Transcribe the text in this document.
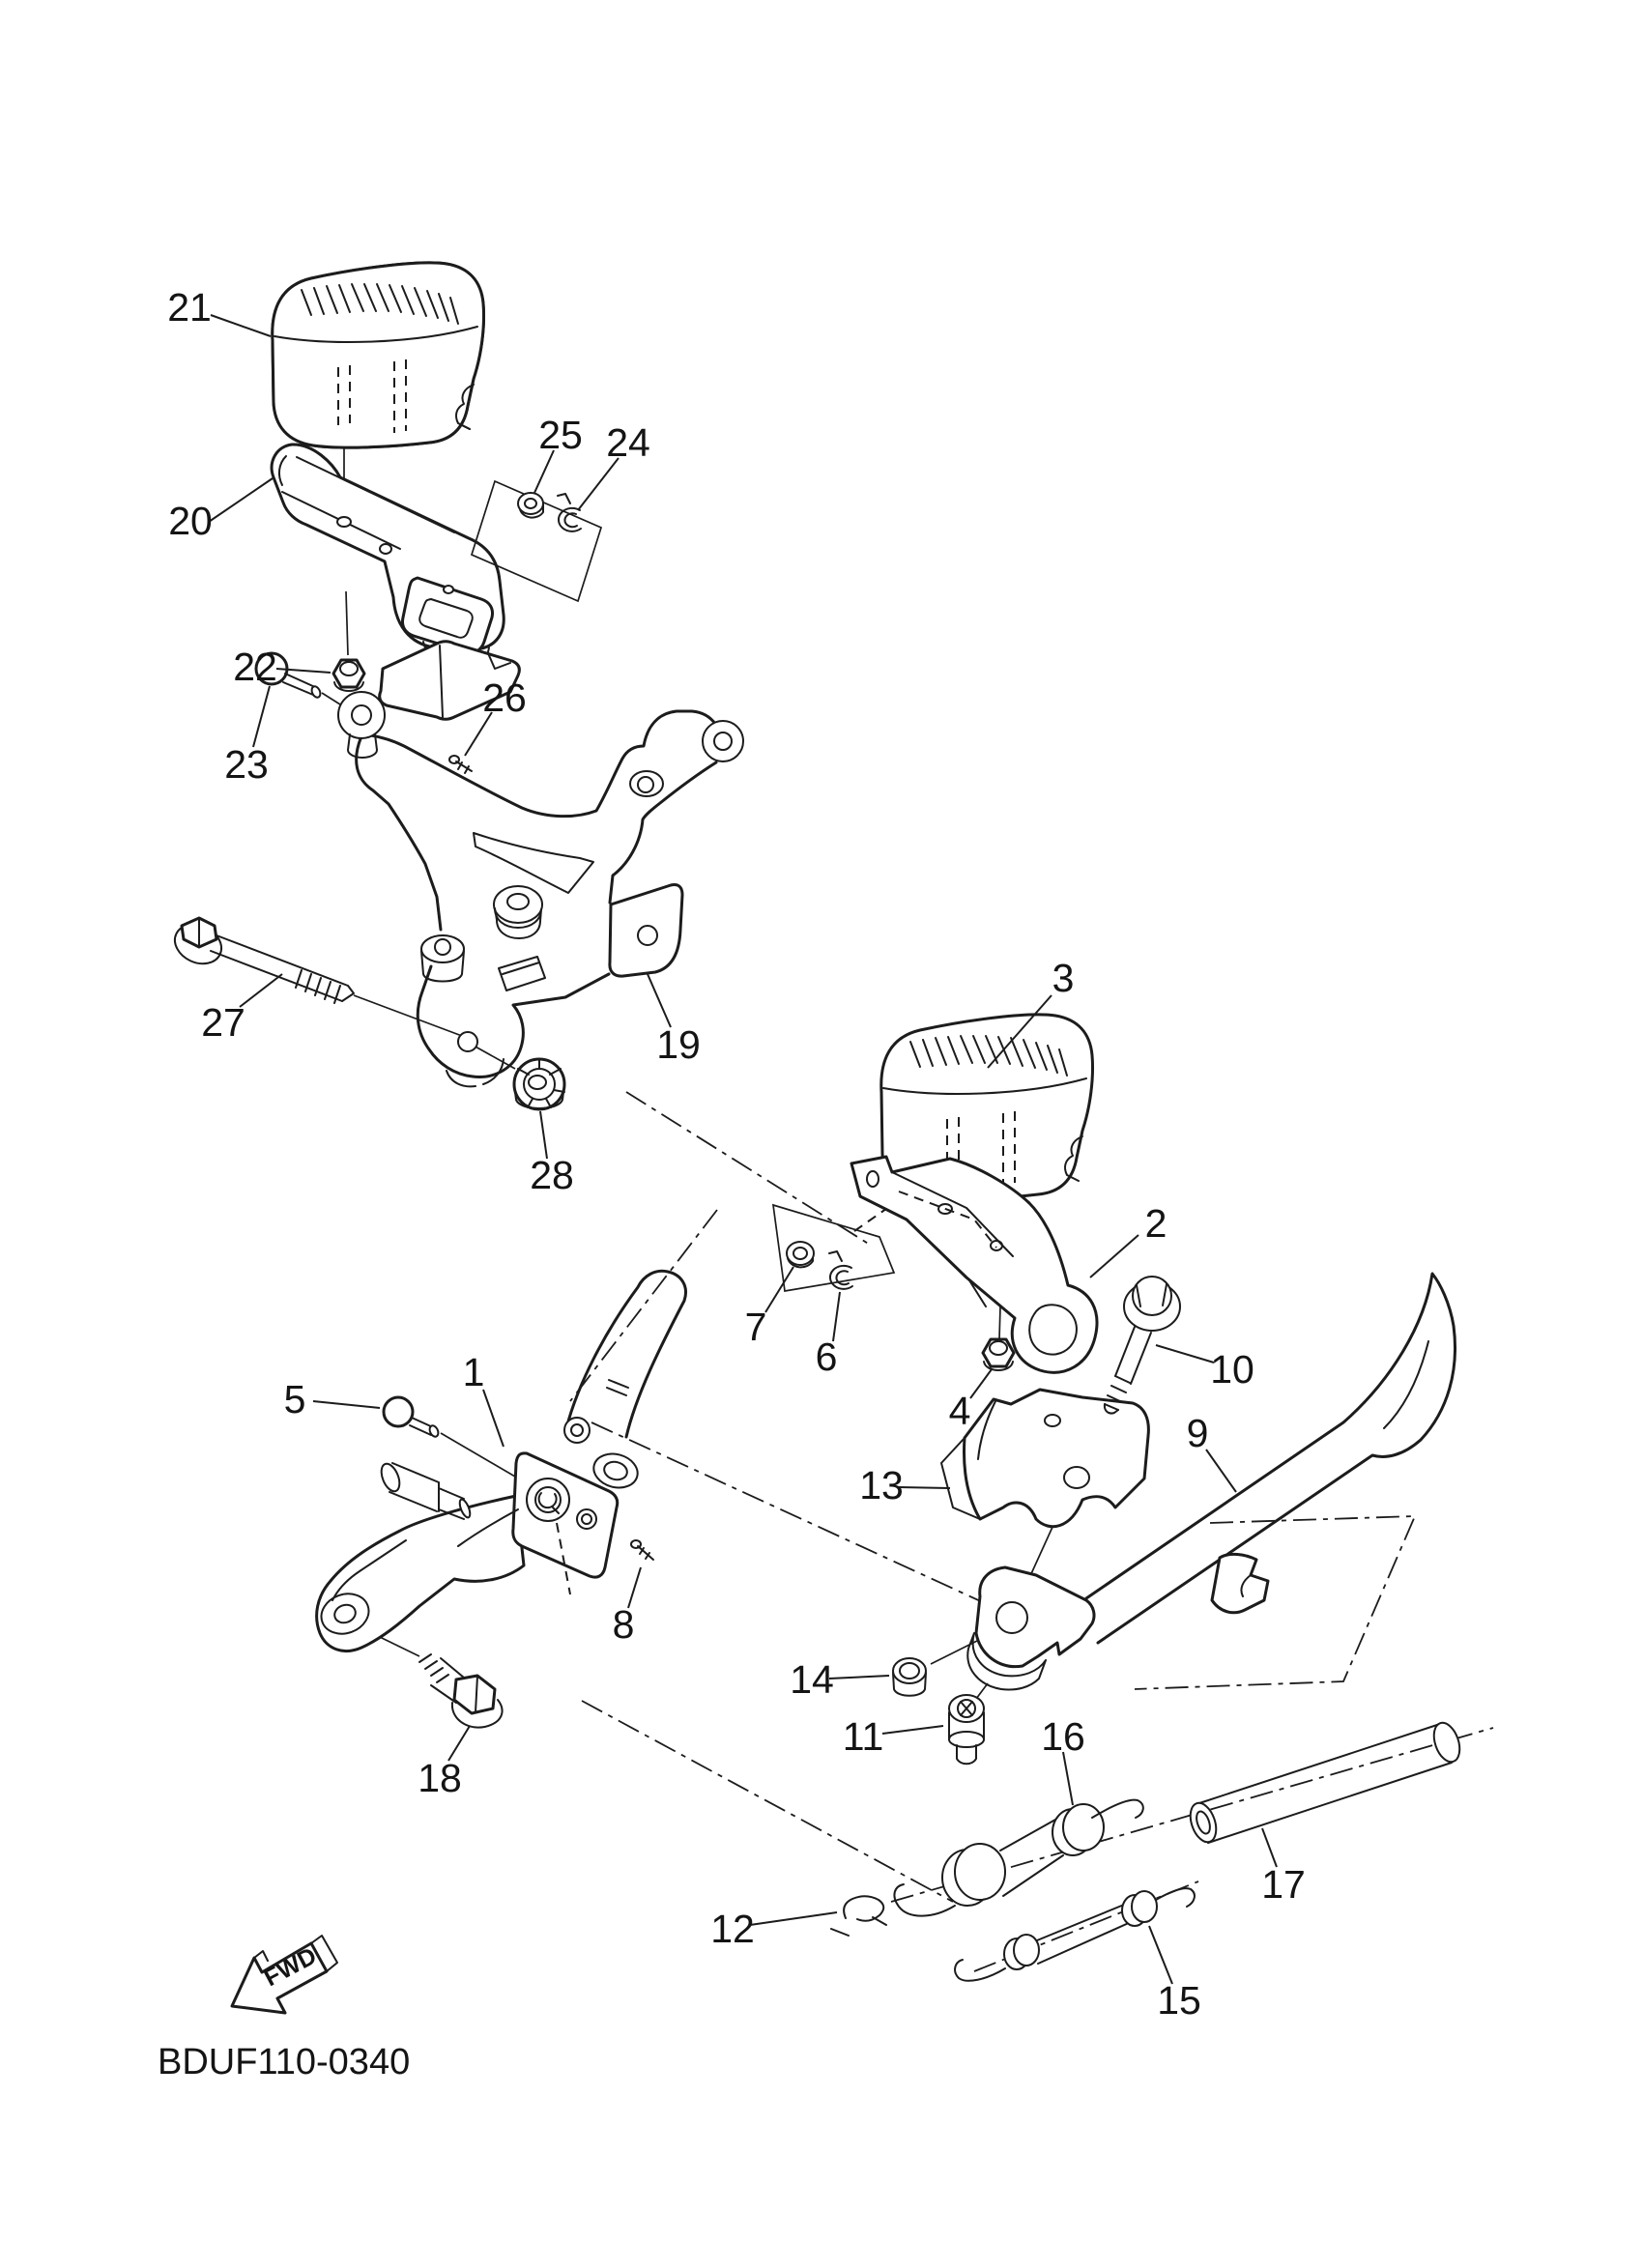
FWD
BDUF110-0340
1
2
3
4
5
6
7
8
9
10
11
12
13
14
15
16
17
18
19
20
21
22
23
24
25
26
27
28
